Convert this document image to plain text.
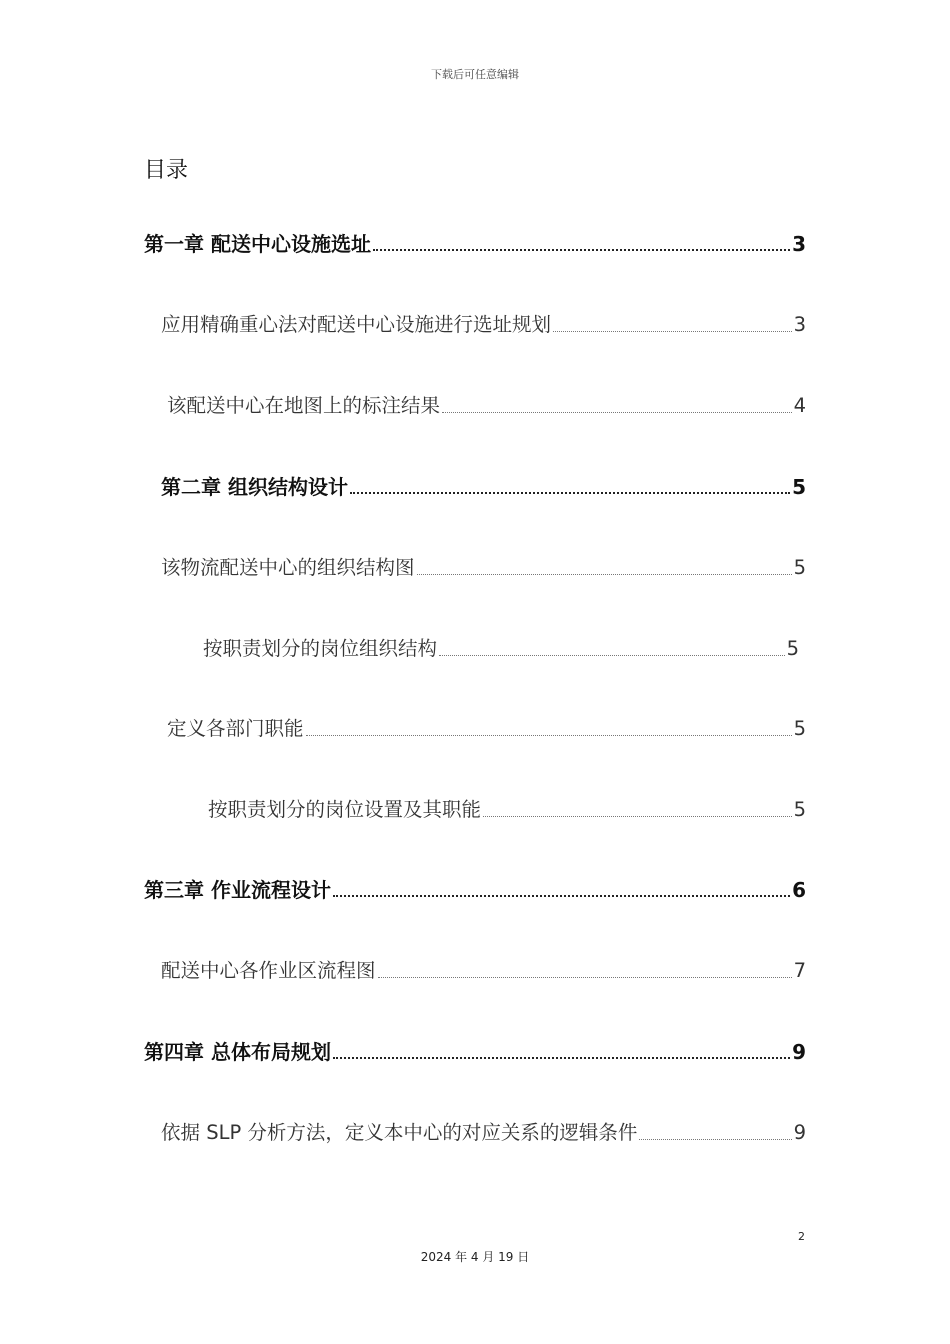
下载后可任意编辑
目录
第一章 配送中心设施选址	3
应用精确重心法对配送中心设施进行选址规划	3
该配送中心在地图上的标注结果	4
第二章 组织结构设计	5
该物流配送中心的组织结构图	5
按职责划分的岗位组织结构	5
定义各部门职能	5
按职责划分的岗位设置及其职能	5
第三章 作业流程设计	6
配送中心各作业区流程图	7
第四章 总体布局规划	9
依据 SLP 分析方法，定义本中心的对应关系的逻辑条件	9
2
2024 年 4 月 19 日
